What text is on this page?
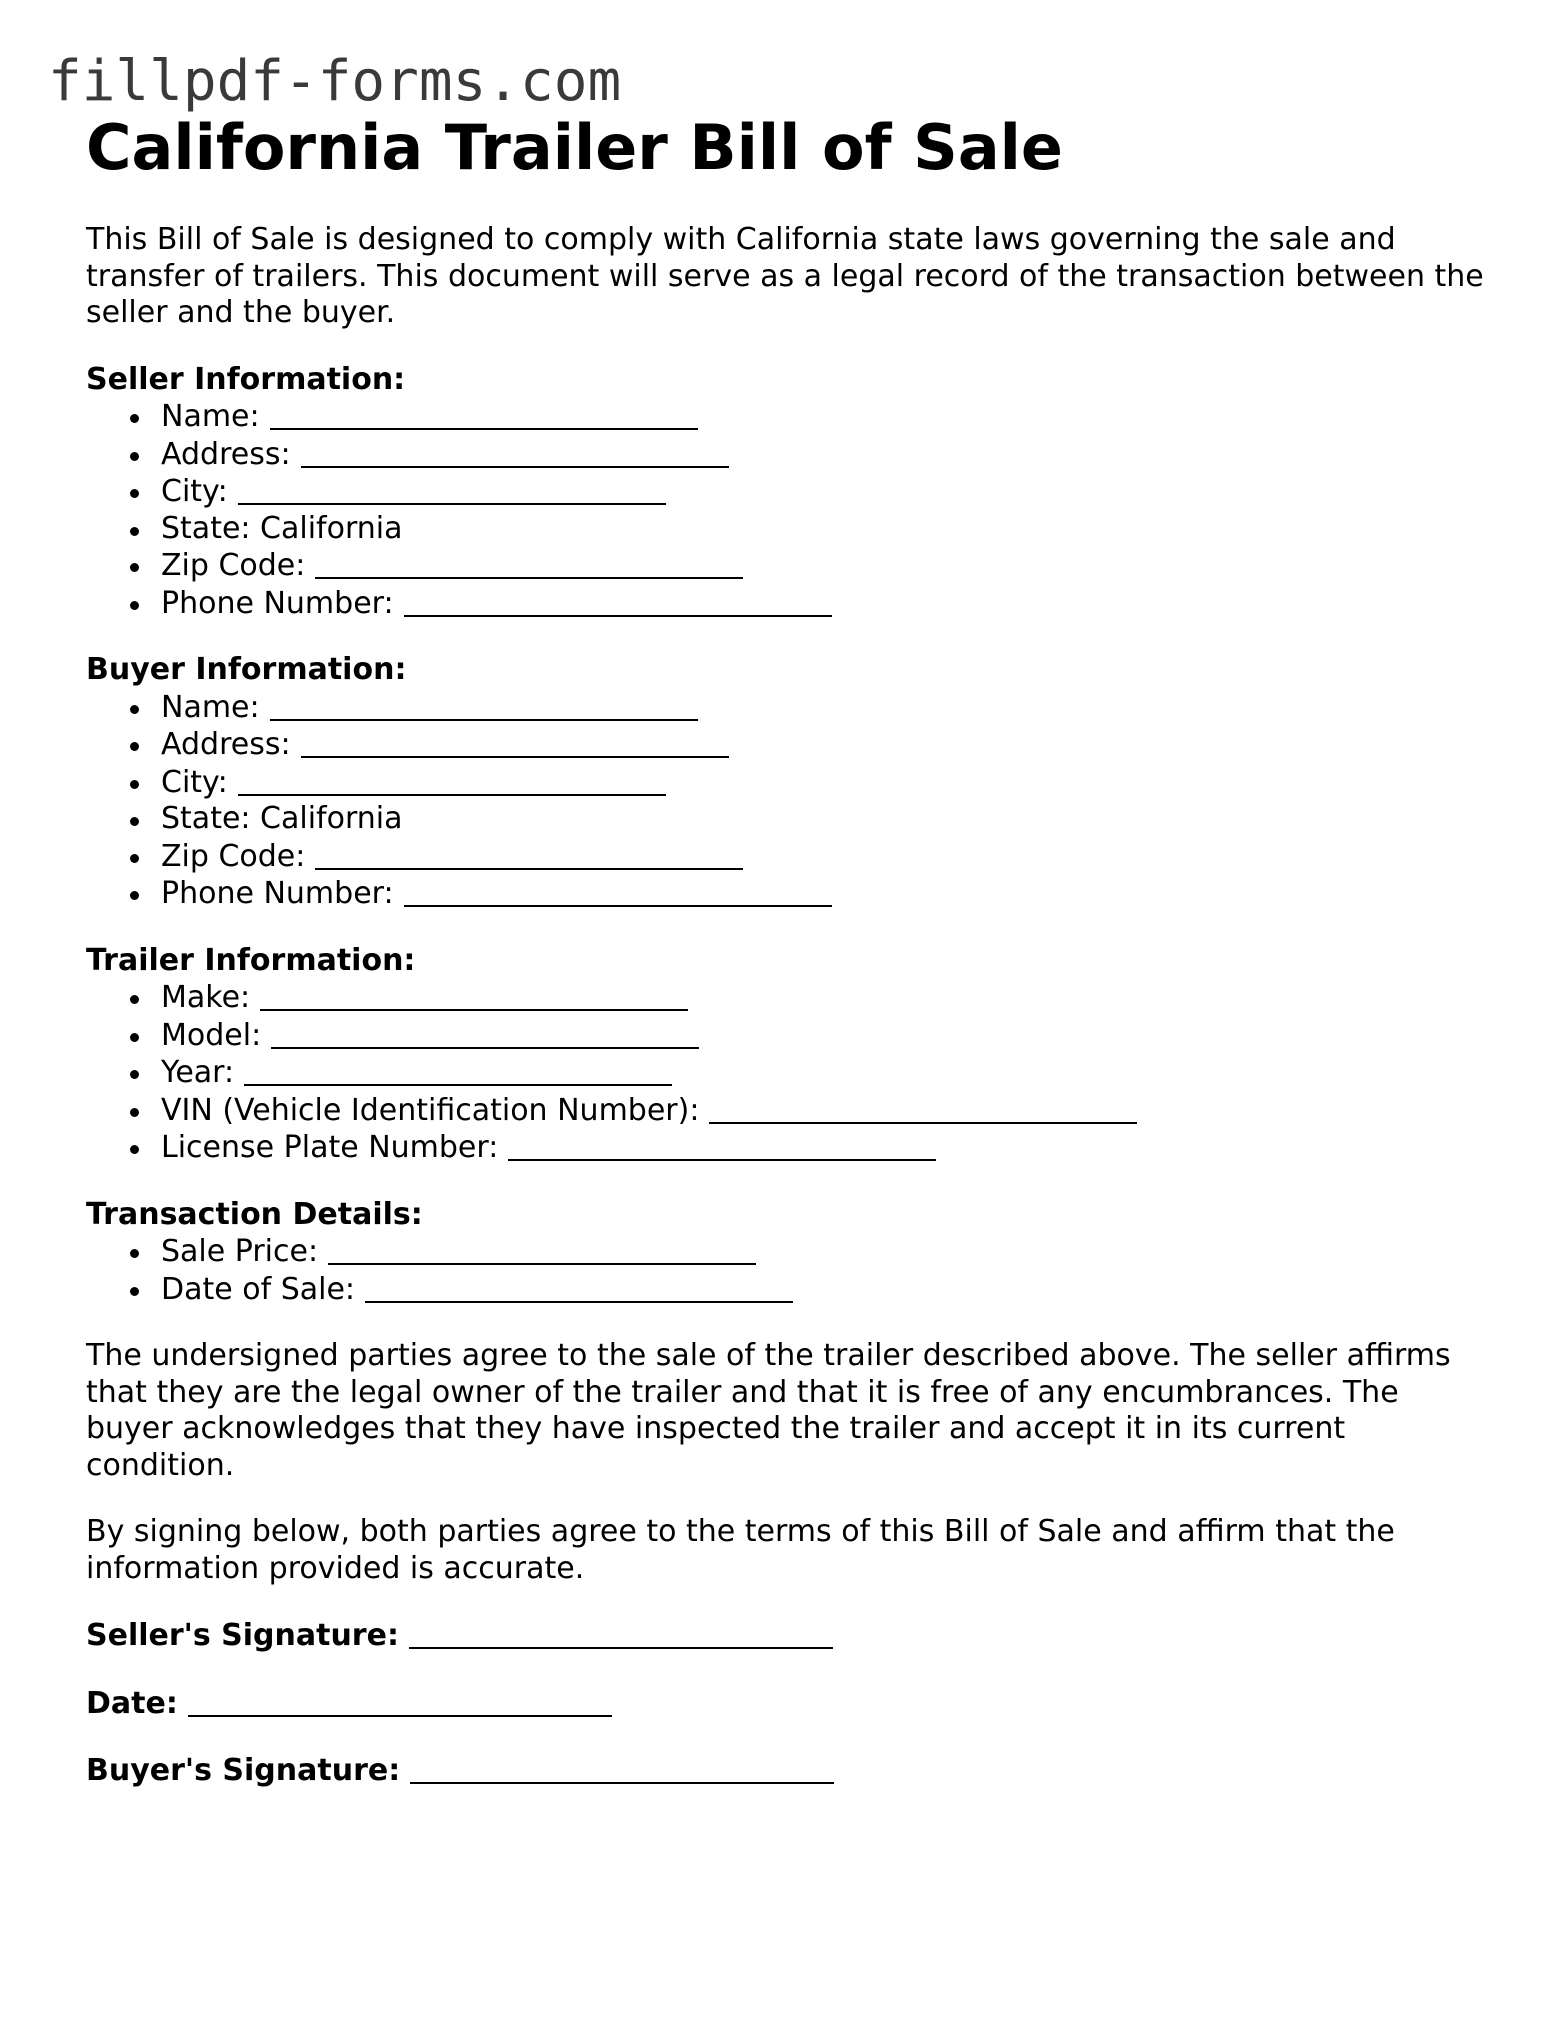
fillpdf-forms.com
California Trailer Bill of Sale

This Bill of Sale is designed to comply with California state laws governing the sale and transfer of trailers. This document will serve as a legal record of the transaction between the seller and the buyer.

Seller Information:

Name:
Address:
City:
State: California
Zip Code:
Phone Number:

Buyer Information:

Name:
Address:
City:
State: California
Zip Code:
Phone Number:

Trailer Information:

Make:
Model:
Year:
VIN (Vehicle Identification Number):
License Plate Number:

Transaction Details:

Sale Price:
Date of Sale:

The undersigned parties agree to the sale of the trailer described above. The seller affirms that they are the legal owner of the trailer and that it is free of any encumbrances. The buyer acknowledges that they have inspected the trailer and accept it in its current condition.

By signing below, both parties agree to the terms of this Bill of Sale and affirm that the information provided is accurate.

Seller's Signature:

Date:

Buyer's Signature:
